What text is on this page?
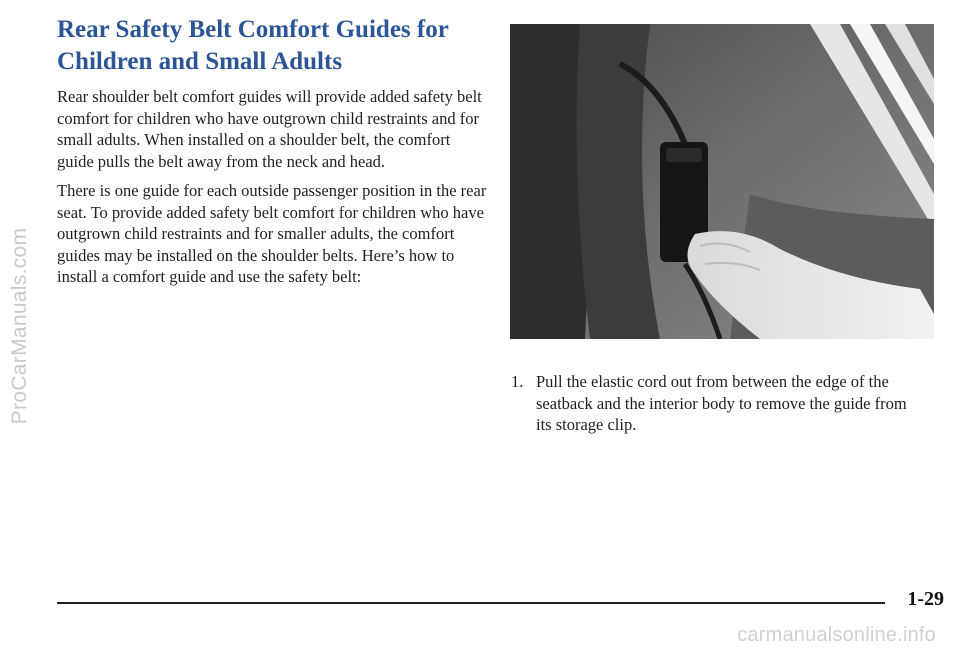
ProCarManuals.com
Rear Safety Belt Comfort Guides for Children and Small Adults

Rear shoulder belt comfort guides will provide added safety belt comfort for children who have outgrown child restraints and for small adults. When installed on a shoulder belt, the comfort guide pulls the belt away from the neck and head.

There is one guide for each outside passenger position in the rear seat. To provide added safety belt comfort for children who have outgrown child restraints and for smaller adults, the comfort guides may be installed on the shoulder belts. Here’s how to install a comfort guide and use the safety belt:

1. Pull the elastic cord out from between the edge of the seatback and the interior body to remove the guide from its storage clip.
1-29
carmanualsonline.info
